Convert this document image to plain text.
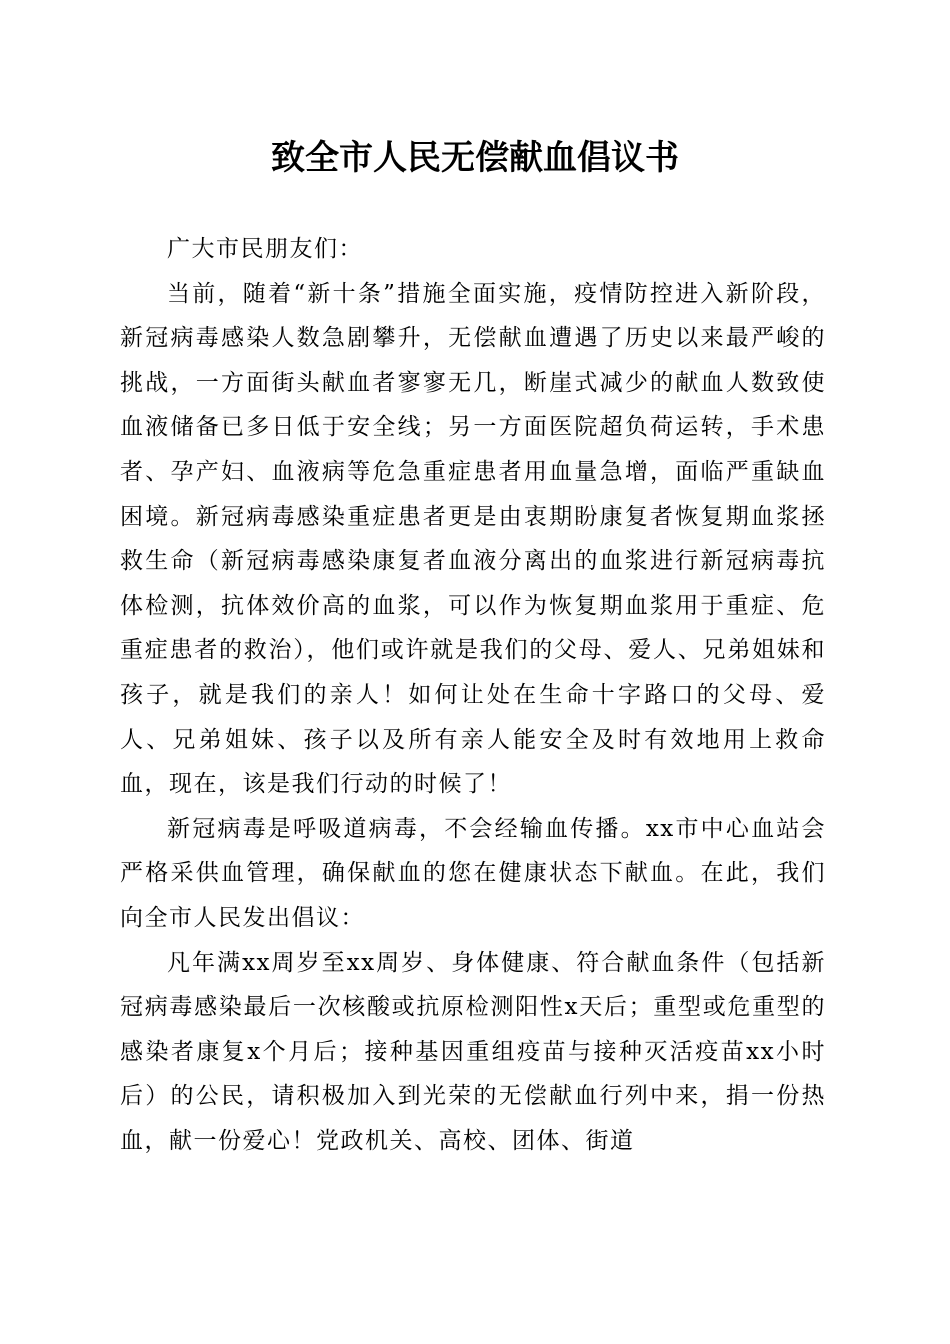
致全市人民无偿献血倡议书

广大市民朋友们：

当前，随着“新十条”措施全面实施，疫情防控进入新阶段，新冠病毒感染人数急剧攀升，无偿献血遭遇了历史以来最严峻的挑战，一方面街头献血者寥寥无几，断崖式减少的献血人数致使血液储备已多日低于安全线；另一方面医院超负荷运转，手术患者、孕产妇、血液病等危急重症患者用血量急增，面临严重缺血困境。新冠病毒感染重症患者更是由衷期盼康复者恢复期血浆拯救生命（新冠病毒感染康复者血液分离出的血浆进行新冠病毒抗体检测，抗体效价高的血浆，可以作为恢复期血浆用于重症、危重症患者的救治），他们或许就是我们的父母、爱人、兄弟姐妹和孩子，就是我们的亲人！如何让处在生命十字路口的父母、爱人、兄弟姐妹、孩子以及所有亲人能安全及时有效地用上救命血，现在，该是我们行动的时候了！

新冠病毒是呼吸道病毒，不会经输血传播。xx市中心血站会严格采供血管理，确保献血的您在健康状态下献血。在此，我们向全市人民发出倡议：

凡年满xx周岁至xx周岁、身体健康、符合献血条件（包括新冠病毒感染最后一次核酸或抗原检测阳性x天后；重型或危重型的感染者康复x个月后；接种基因重组疫苗与接种灭活疫苗xx小时后）的公民，请积极加入到光荣的无偿献血行列中来，捐一份热血，献一份爱心！党政机关、高校、团体、街道
